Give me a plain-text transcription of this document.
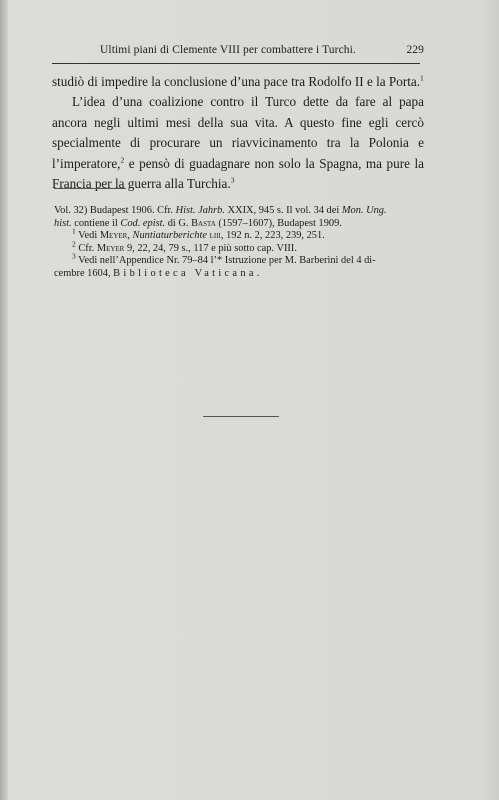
Ultimi piani di Clemente VIII per combattere i Turchi.	229

studiò di impedire la conclusione d’una pace tra Rodolfo II e la Porta.$^1$

L’idea d’una coalizione contro il Turco dette da fare al papa ancora negli ultimi mesi della sua vita. A questo fine egli cercò specialmente di procurare un riavvicinamento tra la Polonia e l’imperatore,$^2$ e pensò di guadagnare non solo la Spagna, ma pure la Francia per la guerra alla Turchia.$^3$

Vol. 32) Budapest 1906. Cfr. Hist. Jahrb. XXIX, 945 s. Il vol. 34 dei Mon. Ung.
hist. contiene il Cod. epist. di G. Basta (1597–1607), Budapest 1909.
$^1$ Vedi Meyer, Nuntiaturberichte liii, 192 n. 2, 223, 239, 251.
$^2$ Cfr. Meyer 9, 22, 24, 79 s., 117 e più sotto cap. VIII.
$^3$ Vedi nell’Appendice Nr. 79–84 l’* Istruzione per M. Barberini del 4 di-
cembre 1604, Biblioteca Vaticana.
